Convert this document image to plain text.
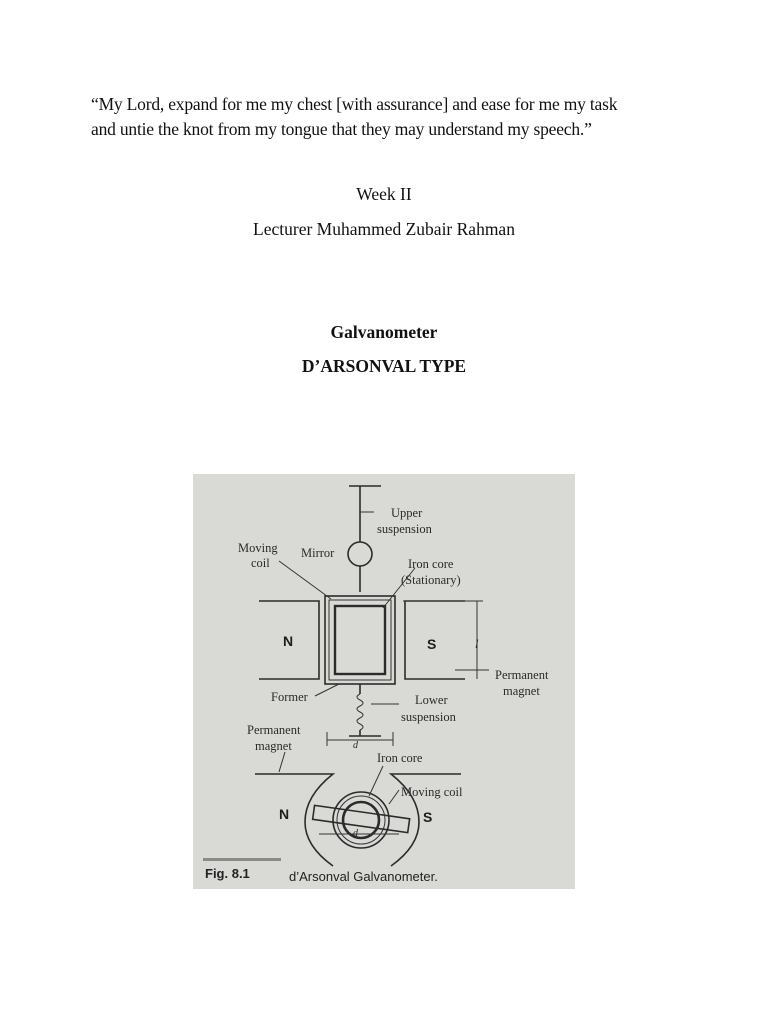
“My Lord, expand for me my chest [with assurance] and ease for me my task
and untie the knot from my tongue that they may understand my speech.”
Week II
Lecturer Muhammed Zubair Rahman
Galvanometer
D’ARSONVAL TYPE
N	S	l
d
Upper
suspension
Moving
coil
Mirror
Iron core
(Stationary)
Permanent
magnet
Former	Lower
suspension
Permanent
magnet
d
N	S
Iron core
Moving coil
Fig. 8.1	d’Arsonval Galvanometer.
